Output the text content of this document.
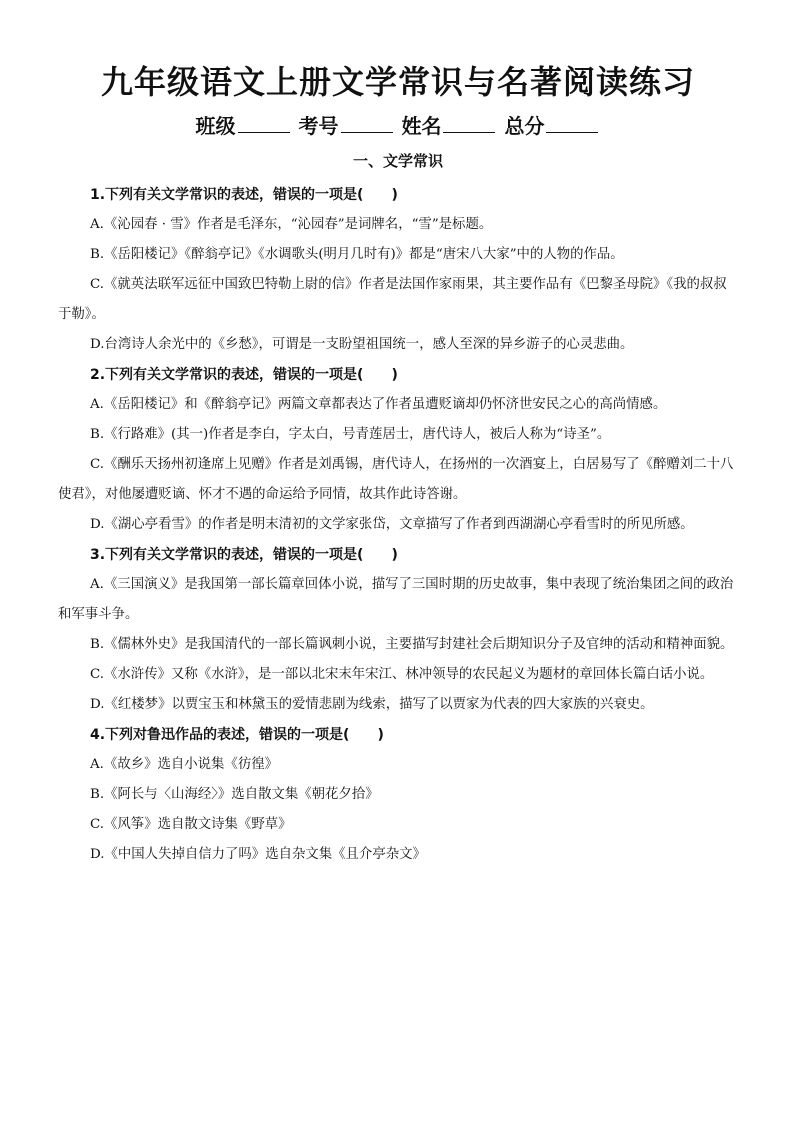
九年级语文上册文学常识与名著阅读练习
班级	考号	姓名	总分
一、文学常识
1.下列有关文学常识的表述，错误的一项是(　　)

A.《沁园春 · 雪》作者是毛泽东，“沁园春”是词牌名，“雪”是标题。

B.《岳阳楼记》《醉翁亭记》《水调歌头(明月几时有)》都是“唐宋八大家”中的人物的作品。

C.《就英法联军远征中国致巴特勒上尉的信》作者是法国作家雨果，其主要作品有《巴黎圣母院》《我的叔叔于勒》。

D.台湾诗人余光中的《乡愁》，可谓是一支盼望祖国统一，感人至深的异乡游子的心灵悲曲。

2.下列有关文学常识的表述，错误的一项是(　　)

A.《岳阳楼记》和《醉翁亭记》两篇文章都表达了作者虽遭贬谪却仍怀济世安民之心的高尚情感。

B.《行路难》(其一)作者是李白，字太白，号青莲居士，唐代诗人，被后人称为“诗圣”。

C.《酬乐天扬州初逢席上见赠》作者是刘禹锡，唐代诗人，在扬州的一次酒宴上，白居易写了《醉赠刘二十八使君》，对他屡遭贬谪、怀才不遇的命运给予同情，故其作此诗答谢。

D.《湖心亭看雪》的作者是明末清初的文学家张岱，文章描写了作者到西湖湖心亭看雪时的所见所感。

3.下列有关文学常识的表述，错误的一项是(　　)

A.《三国演义》是我国第一部长篇章回体小说，描写了三国时期的历史故事，集中表现了统治集团之间的政治和军事斗争。

B.《儒林外史》是我国清代的一部长篇讽刺小说，主要描写封建社会后期知识分子及官绅的活动和精神面貌。

C.《水浒传》又称《水浒》，是一部以北宋末年宋江、林冲领导的农民起义为题材的章回体长篇白话小说。

D.《红楼梦》以贾宝玉和林黛玉的爱情悲剧为线索，描写了以贾家为代表的四大家族的兴衰史。

4.下列对鲁迅作品的表述，错误的一项是(　　)

A.《故乡》选自小说集《彷徨》

B.《阿长与〈山海经〉》选自散文集《朝花夕拾》

C.《风筝》选自散文诗集《野草》

D.《中国人失掉自信力了吗》选自杂文集《且介亭杂文》
